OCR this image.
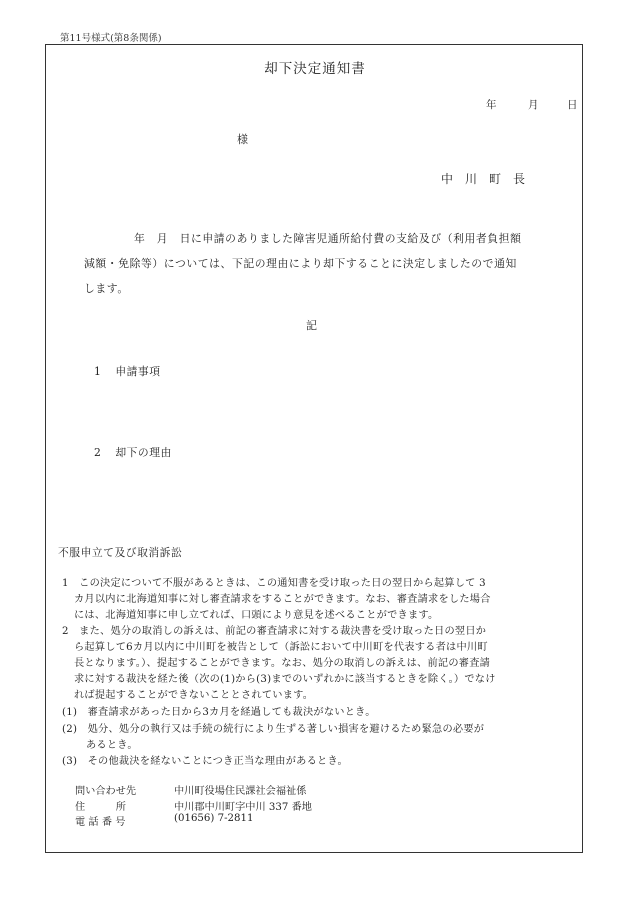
第11号様式(第8条関係)
却下決定通知書
年	月	日
様
中川町長
年　月　日に申請のありました障害児通所給付費の支給及び（利用者負担額
減額・免除等）については、下記の理由により却下することに決定しましたので通知
します。
記
1 申請事項
2 却下の理由
不服申立て及び取消訴訟
1　この決定について不服があるときは、この通知書を受け取った日の翌日から起算して 3
カ月以内に北海道知事に対し審査請求をすることができます。なお、審査請求をした場合
には、北海道知事に申し立てれば、口頭により意見を述べることができます。
2　また、処分の取消しの訴えは、前記の審査請求に対する裁決書を受け取った日の翌日か
ら起算して6カ月以内に中川町を被告として（訴訟において中川町を代表する者は中川町
長となります。）、提起することができます。なお、処分の取消しの訴えは、前記の審査請
求に対する裁決を経た後（次の(1)から(3)までのいずれかに該当するときを除く。）でなけ
れば提起することができないこととされています。
(1)　審査請求があった日から3カ月を経過しても裁決がないとき。
(2)　処分、処分の執行又は手続の続行により生ずる著しい損害を避けるため緊急の必要が
あるとき。
(3)　その他裁決を経ないことにつき正当な理由があるとき。
問い合わせ先	中川町役場住民課社会福祉係
住　　　所	中川郡中川町字中川 337 番地
電 話 番 号	(01656) 7‐2811
